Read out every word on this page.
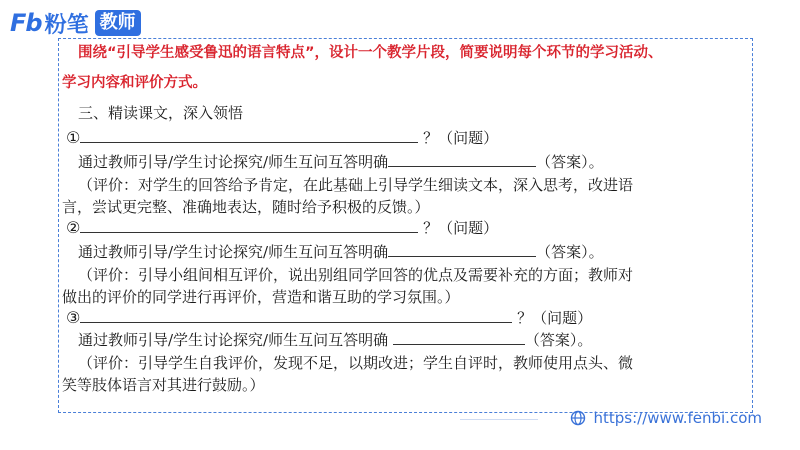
Fb 粉笔 教师
围绕“引导学生感受鲁迅的语言特点”，设计一个教学片段，简要说明每个环节的学习活动、
学习内容和评价方式。
三、精读课文，深入领悟
①	？（问题）
通过教师引导/学生讨论探究/师生互问互答明确	（答案）。
（评价：对学生的回答给予肯定，在此基础上引导学生细读文本，深入思考，改进语
言，尝试更完整、准确地表达，随时给予积极的反馈。）
②	？（问题）
通过教师引导/学生讨论探究/师生互问互答明确	（答案）。
（评价：引导小组间相互评价，说出别组同学回答的优点及需要补充的方面；教师对
做出的评价的同学进行再评价，营造和谐互助的学习氛围。）
③	？（问题）
通过教师引导/学生讨论探究/师生互问互答明确	（答案）。
（评价：引导学生自我评价，发现不足，以期改进；学生自评时，教师使用点头、微
笑等肢体语言对其进行鼓励。）
https://www.fenbi.com
